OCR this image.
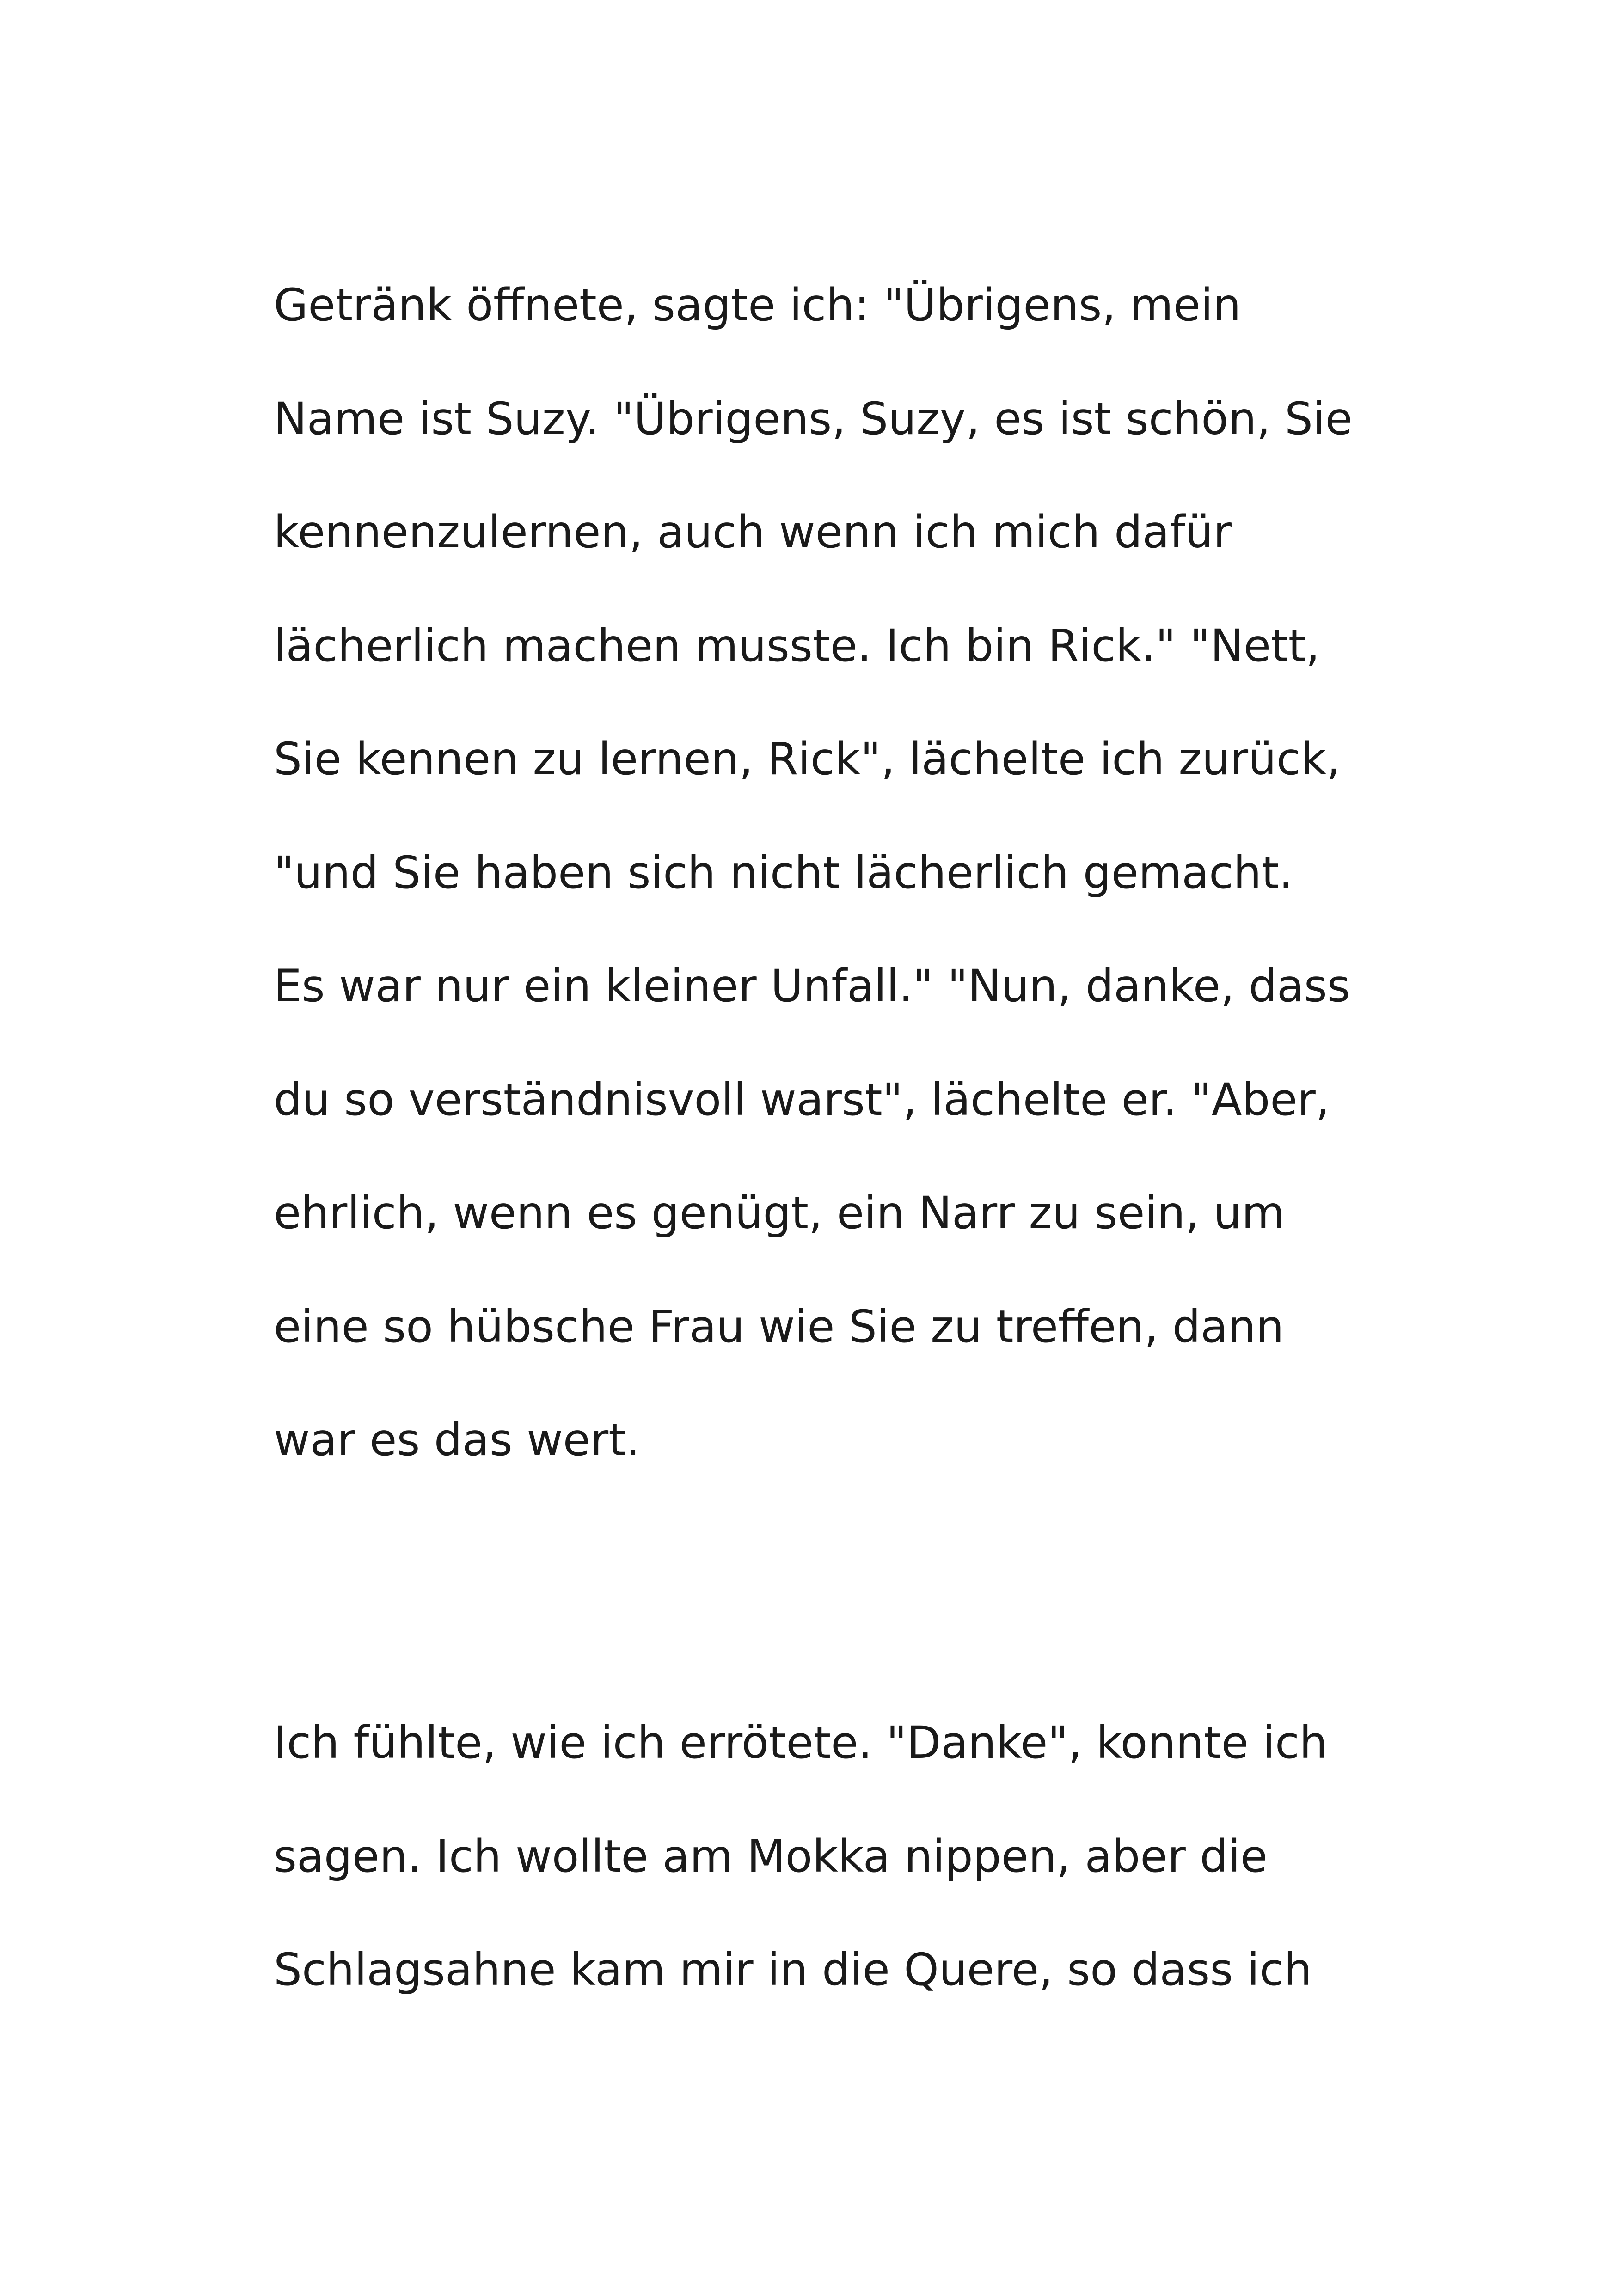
Getränk öffnete, sagte ich: "Übrigens, mein
Name ist Suzy. "Übrigens, Suzy, es ist schön, Sie
kennenzulernen, auch wenn ich mich dafür
lächerlich machen musste. Ich bin Rick." "Nett,
Sie kennen zu lernen, Rick", lächelte ich zurück,
"und Sie haben sich nicht lächerlich gemacht.
Es war nur ein kleiner Unfall." "Nun, danke, dass
du so verständnisvoll warst", lächelte er. "Aber,
ehrlich, wenn es genügt, ein Narr zu sein, um
eine so hübsche Frau wie Sie zu treffen, dann
war es das wert.
Ich fühlte, wie ich errötete. "Danke", konnte ich
sagen. Ich wollte am Mokka nippen, aber die
Schlagsahne kam mir in die Quere, so dass ich
